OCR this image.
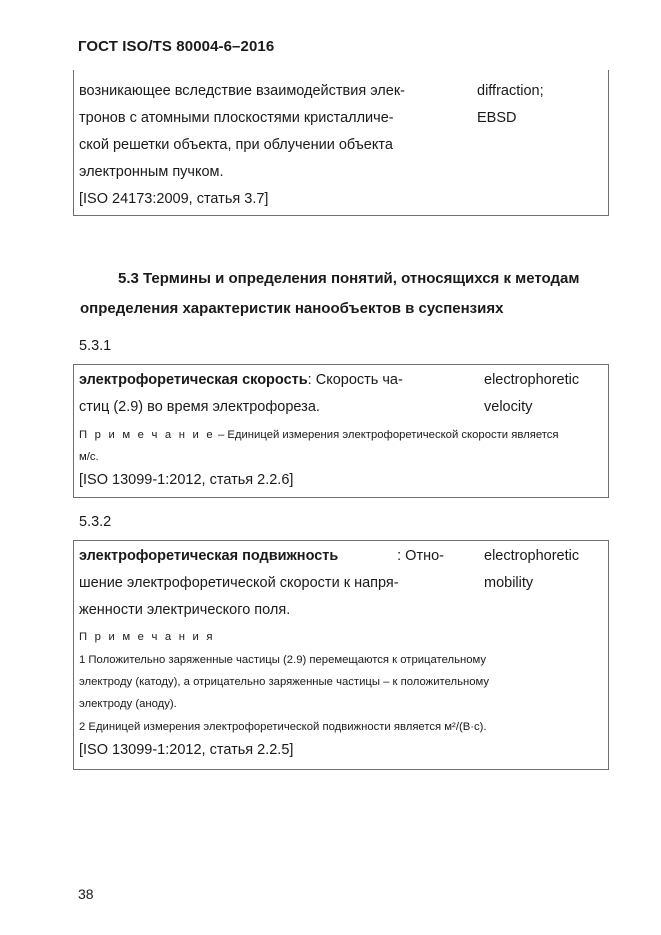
ГОСТ ISO/TS 80004-6–2016
возникающее вследствие взаимодействия элек-
тронов с атомными плоскостями кристалличе-
ской решетки объекта, при облучении объекта
электронным пучком.
[ISO 24173:2009, статья 3.7]
diffraction;
EBSD
5.3 Термины и определения понятий, относящихся к методам
определения характеристик нанообъектов в суспензиях
5.3.1
электрофоретическая скорость: Скорость ча-
стиц (2.9) во время электрофореза.
electrophoretic
velocity
П р и м е ч а н и е – Единицей измерения электрофоретической скорости является
м/с.
[ISO 13099-1:2012, статья 2.2.6]
5.3.2
электрофоретическая подвижность	: Отно-
шение электрофоретической скорости к напря-
женности электрического поля.
electrophoretic
mobility
П р и м е ч а н и я
1 Положительно заряженные частицы (2.9) перемещаются к отрицательному
электроду (катоду), а отрицательно заряженные частицы – к положительному
электроду (аноду).
2 Единицей измерения электрофоретической подвижности является м²/(В·с).
[ISO 13099-1:2012, статья 2.2.5]
38
